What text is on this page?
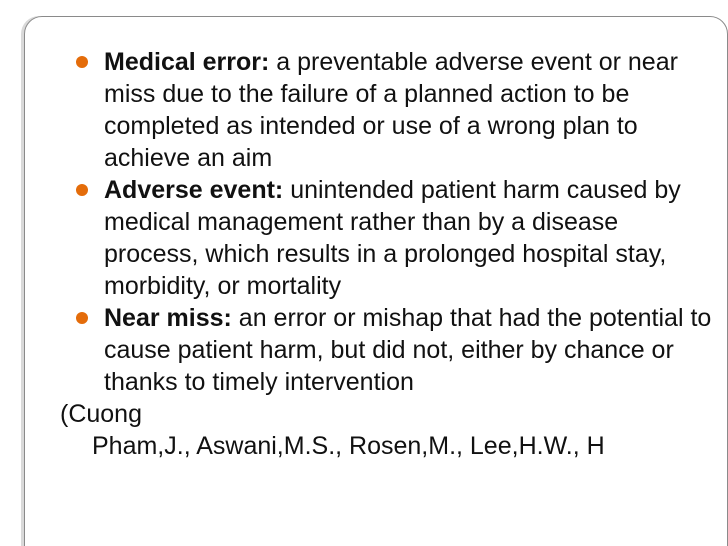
Medical error: a preventable adverse event or near miss due to the failure of a planned action to be completed as intended or use of a wrong plan to achieve an aim

Adverse event: unintended patient harm caused by medical management rather than by a disease process, which results in a prolonged hospital stay, morbidity, or mortality

Near miss: an error or mishap that had the potential to cause patient harm, but did not, either by chance or thanks to timely intervention

(Cuong
Pham,J., Aswani,M.S., Rosen,M., Lee,H.W., H
